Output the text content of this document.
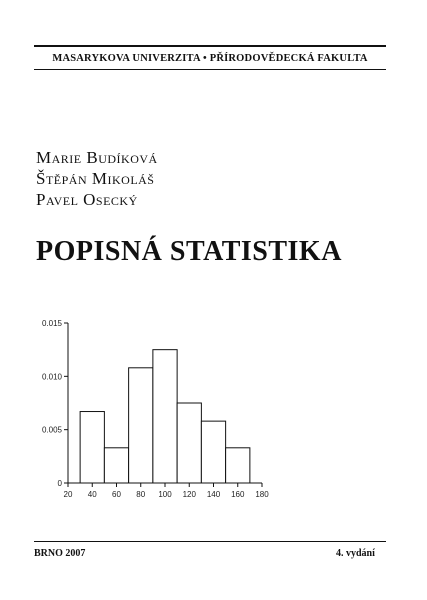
MASARYKOVA UNIVERZITA • PŘÍRODOVĚDECKÁ FAKULTA
Marie Budíková
Štěpán Mikoláš
Pavel Osecký
POPISNÁ STATISTIKA
0
0.005
0.010
0.015
20 40 60 80 100 120 140 160 180
BRNO 2007	4. vydání
